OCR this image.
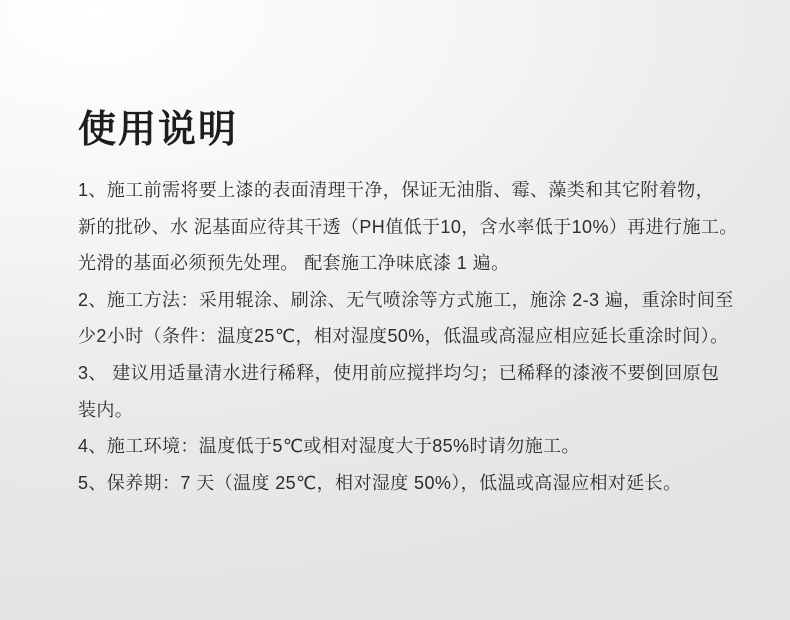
使用说明
1、施工前需将要上漆的表面清理干净，保证无油脂、霉、藻类和其它附着物，
新的批砂、水 泥基面应待其干透（PH值低于10，含水率低于10%）再进行施工。
光滑的基面必须预先处理。 配套施工净味底漆 1 遍。
2、施工方法：采用辊涂、刷涂、无气喷涂等方式施工，施涂 2-3 遍，重涂时间至
少2小时（条件：温度25℃，相对湿度50%，低温或高湿应相应延长重涂时间）。
3、 建议用适量清水进行稀释，使用前应搅拌均匀；已稀释的漆液不要倒回原包
装内。
4、施工环境：温度低于5℃或相对湿度大于85%时请勿施工。
5、保养期：7 天（温度 25℃，相对湿度 50%），低温或高湿应相对延长。
